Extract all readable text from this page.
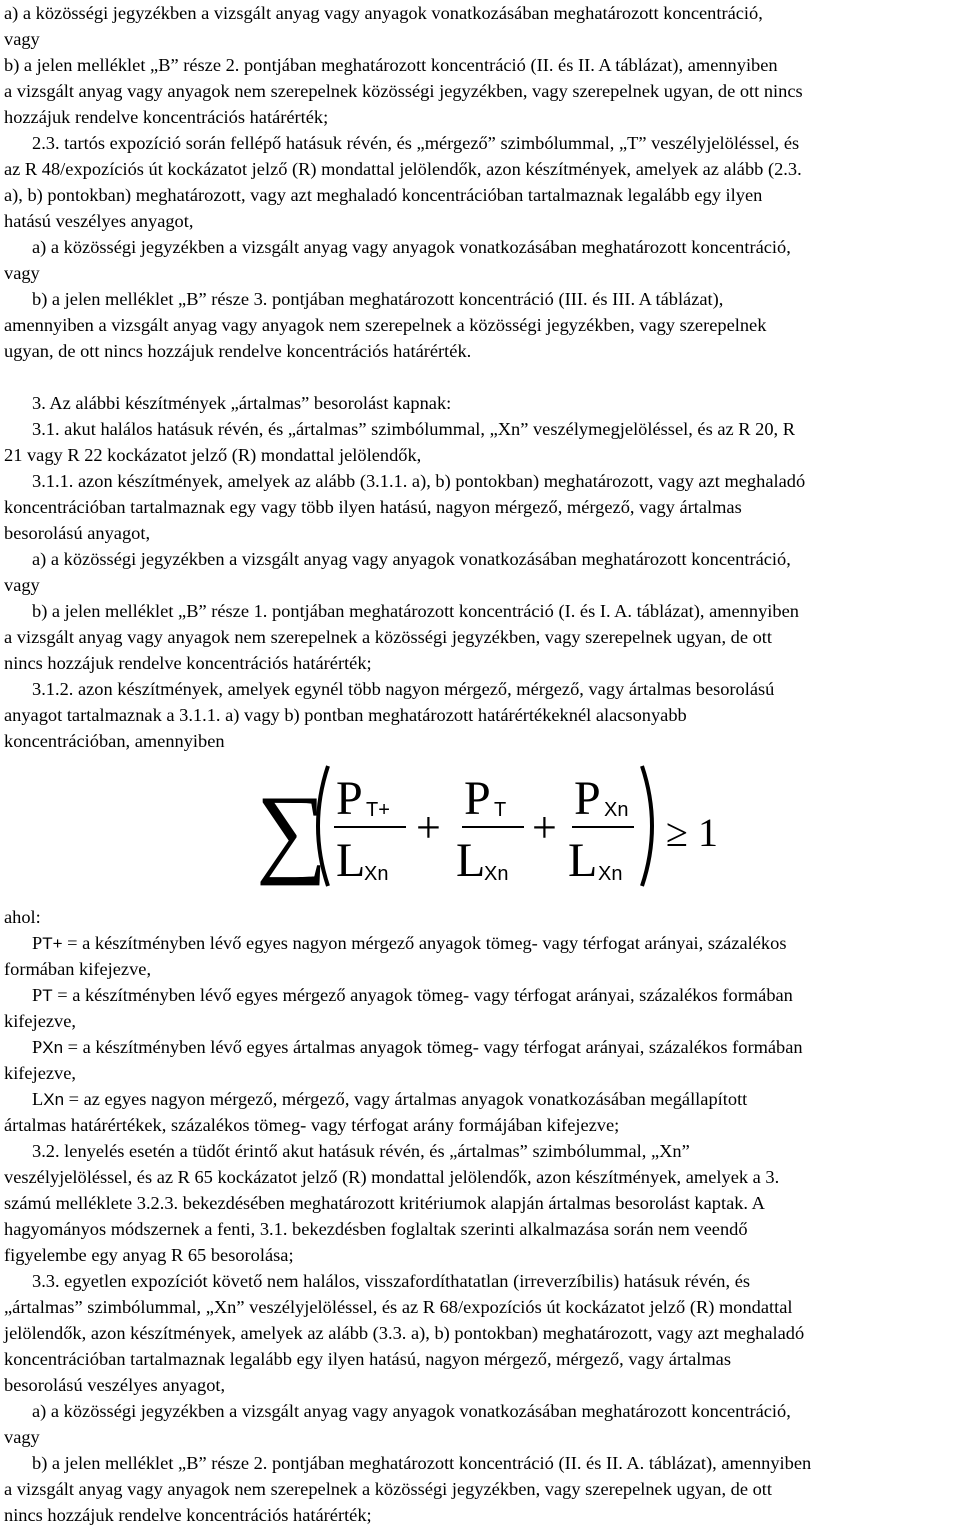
a) a közösségi jegyzékben a vizsgált anyag vagy anyagok vonatkozásában meghatározott koncentráció,
vagy
b) a jelen melléklet „B” része 2. pontjában meghatározott koncentráció (II. és II. A táblázat), amennyiben
a vizsgált anyag vagy anyagok nem szerepelnek közösségi jegyzékben, vagy szerepelnek ugyan, de ott nincs
hozzájuk rendelve koncentrációs határérték;
2.3. tartós expozíció során fellépő hatásuk révén, és „mérgező” szimbólummal, „T” veszélyjelöléssel, és
az R 48/expozíciós út kockázatot jelző (R) mondattal jelölendők, azon készítmények, amelyek az alább (2.3.
a), b) pontokban) meghatározott, vagy azt meghaladó koncentrációban tartalmaznak legalább egy ilyen
hatású veszélyes anyagot,
a) a közösségi jegyzékben a vizsgált anyag vagy anyagok vonatkozásában meghatározott koncentráció,
vagy
b) a jelen melléklet „B” része 3. pontjában meghatározott koncentráció (III. és III. A táblázat),
amennyiben a vizsgált anyag vagy anyagok nem szerepelnek a közösségi jegyzékben, vagy szerepelnek
ugyan, de ott nincs hozzájuk rendelve koncentrációs határérték.
3. Az alábbi készítmények „ártalmas” besorolást kapnak:
3.1. akut halálos hatásuk révén, és „ártalmas” szimbólummal, „Xn” veszélymegjelöléssel, és az R 20, R
21 vagy R 22 kockázatot jelző (R) mondattal jelölendők,
3.1.1. azon készítmények, amelyek az alább (3.1.1. a), b) pontokban) meghatározott, vagy azt meghaladó
koncentrációban tartalmaznak egy vagy több ilyen hatású, nagyon mérgező, mérgező, vagy ártalmas
besorolású anyagot,
a) a közösségi jegyzékben a vizsgált anyag vagy anyagok vonatkozásában meghatározott koncentráció,
vagy
b) a jelen melléklet „B” része 1. pontjában meghatározott koncentráció (I. és I. A. táblázat), amennyiben
a vizsgált anyag vagy anyagok nem szerepelnek a közösségi jegyzékben, vagy szerepelnek ugyan, de ott
nincs hozzájuk rendelve koncentrációs határérték;
3.1.2. azon készítmények, amelyek egynél több nagyon mérgező, mérgező, vagy ártalmas besorolású
anyagot tartalmaznak a 3.1.1. a) vagy b) pontban meghatározott határértékeknél alacsonyabb
koncentrációban, amennyiben
∑ P T+
L
Xn
+
P T
L
Xn
+
P Xn
L Xn
≥ 1
ahol:
PT+ = a készítményben lévő egyes nagyon mérgező anyagok tömeg- vagy térfogat arányai, százalékos
formában kifejezve,
PT = a készítményben lévő egyes mérgező anyagok tömeg- vagy térfogat arányai, százalékos formában
kifejezve,
PXn = a készítményben lévő egyes ártalmas anyagok tömeg- vagy térfogat arányai, százalékos formában
kifejezve,
LXn = az egyes nagyon mérgező, mérgező, vagy ártalmas anyagok vonatkozásában megállapított
ártalmas határértékek, százalékos tömeg- vagy térfogat arány formájában kifejezve;
3.2. lenyelés esetén a tüdőt érintő akut hatásuk révén, és „ártalmas” szimbólummal, „Xn”
veszélyjelöléssel, és az R 65 kockázatot jelző (R) mondattal jelölendők, azon készítmények, amelyek a 3.
számú melléklete 3.2.3. bekezdésében meghatározott kritériumok alapján ártalmas besorolást kaptak. A
hagyományos módszernek a fenti, 3.1. bekezdésben foglaltak szerinti alkalmazása során nem veendő
figyelembe egy anyag R 65 besorolása;
3.3. egyetlen expozíciót követő nem halálos, visszafordíthatatlan (irreverzíbilis) hatásuk révén, és
„ártalmas” szimbólummal, „Xn” veszélyjelöléssel, és az R 68/expozíciós út kockázatot jelző (R) mondattal
jelölendők, azon készítmények, amelyek az alább (3.3. a), b) pontokban) meghatározott, vagy azt meghaladó
koncentrációban tartalmaznak legalább egy ilyen hatású, nagyon mérgező, mérgező, vagy ártalmas
besorolású veszélyes anyagot,
a) a közösségi jegyzékben a vizsgált anyag vagy anyagok vonatkozásában meghatározott koncentráció,
vagy
b) a jelen melléklet „B” része 2. pontjában meghatározott koncentráció (II. és II. A. táblázat), amennyiben
a vizsgált anyag vagy anyagok nem szerepelnek a közösségi jegyzékben, vagy szerepelnek ugyan, de ott
nincs hozzájuk rendelve koncentrációs határérték;
